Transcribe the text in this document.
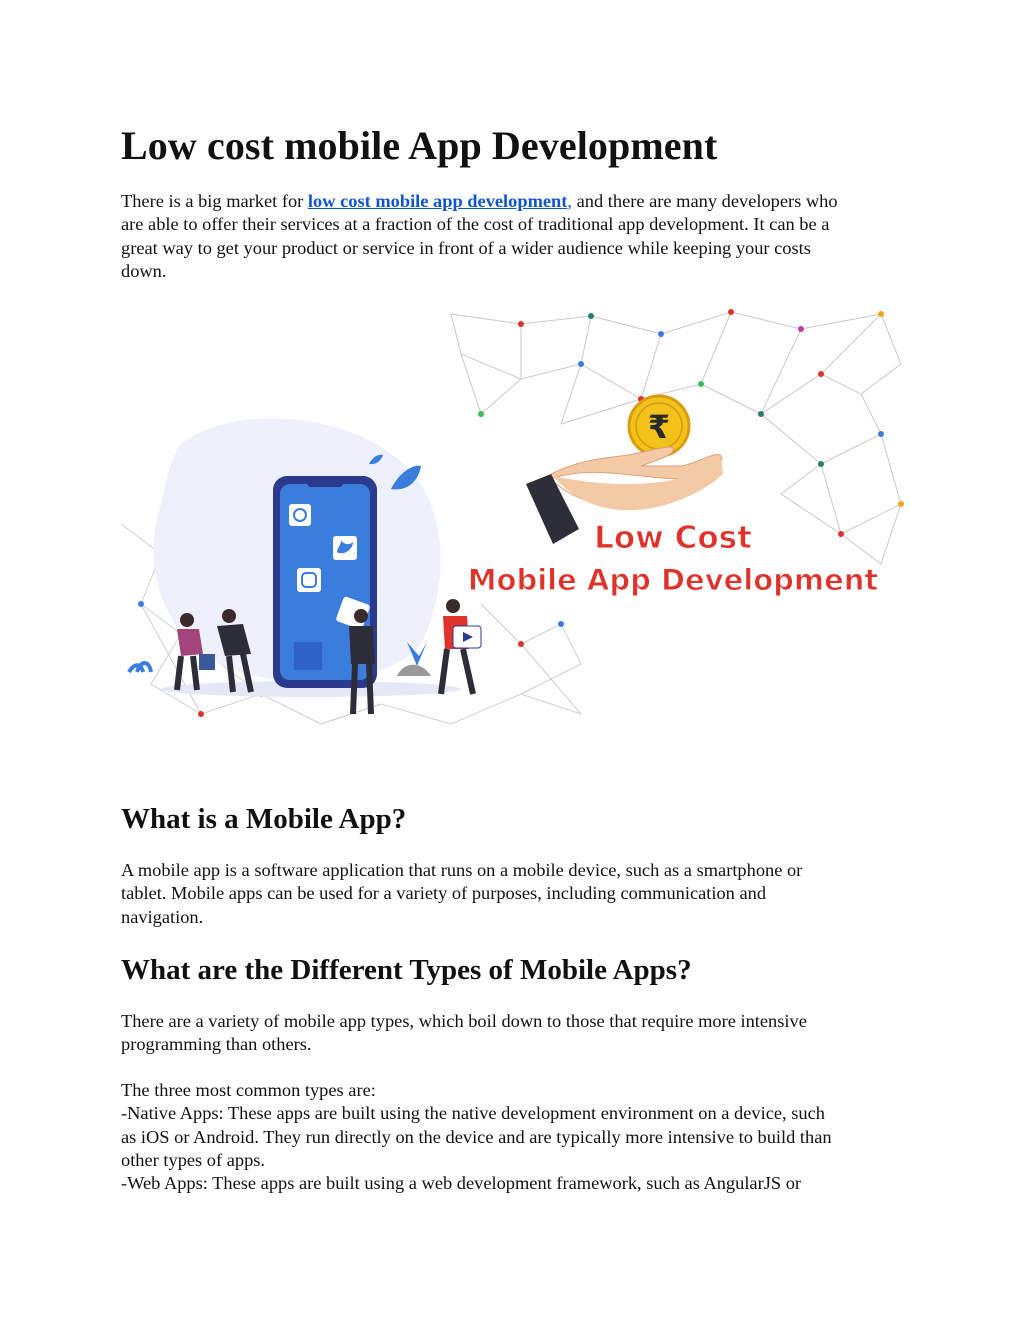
Low cost mobile App Development

There is a big market for low cost mobile app development, and there are many developers who
are able to offer their services at a fraction of the cost of traditional app development. It can be a
great way to get your product or service in front of a wider audience while keeping your costs
down.

₹
Low Cost
Mobile App Development
What is a Mobile App?

A mobile app is a software application that runs on a mobile device, such as a smartphone or
tablet. Mobile apps can be used for a variety of purposes, including communication and
navigation.

What are the Different Types of Mobile Apps?

There are a variety of mobile app types, which boil down to those that require more intensive
programming than others.

The three most common types are:
-Native Apps: These apps are built using the native development environment on a device, such
as iOS or Android. They run directly on the device and are typically more intensive to build than
other types of apps.
-Web Apps: These apps are built using a web development framework, such as AngularJS or
